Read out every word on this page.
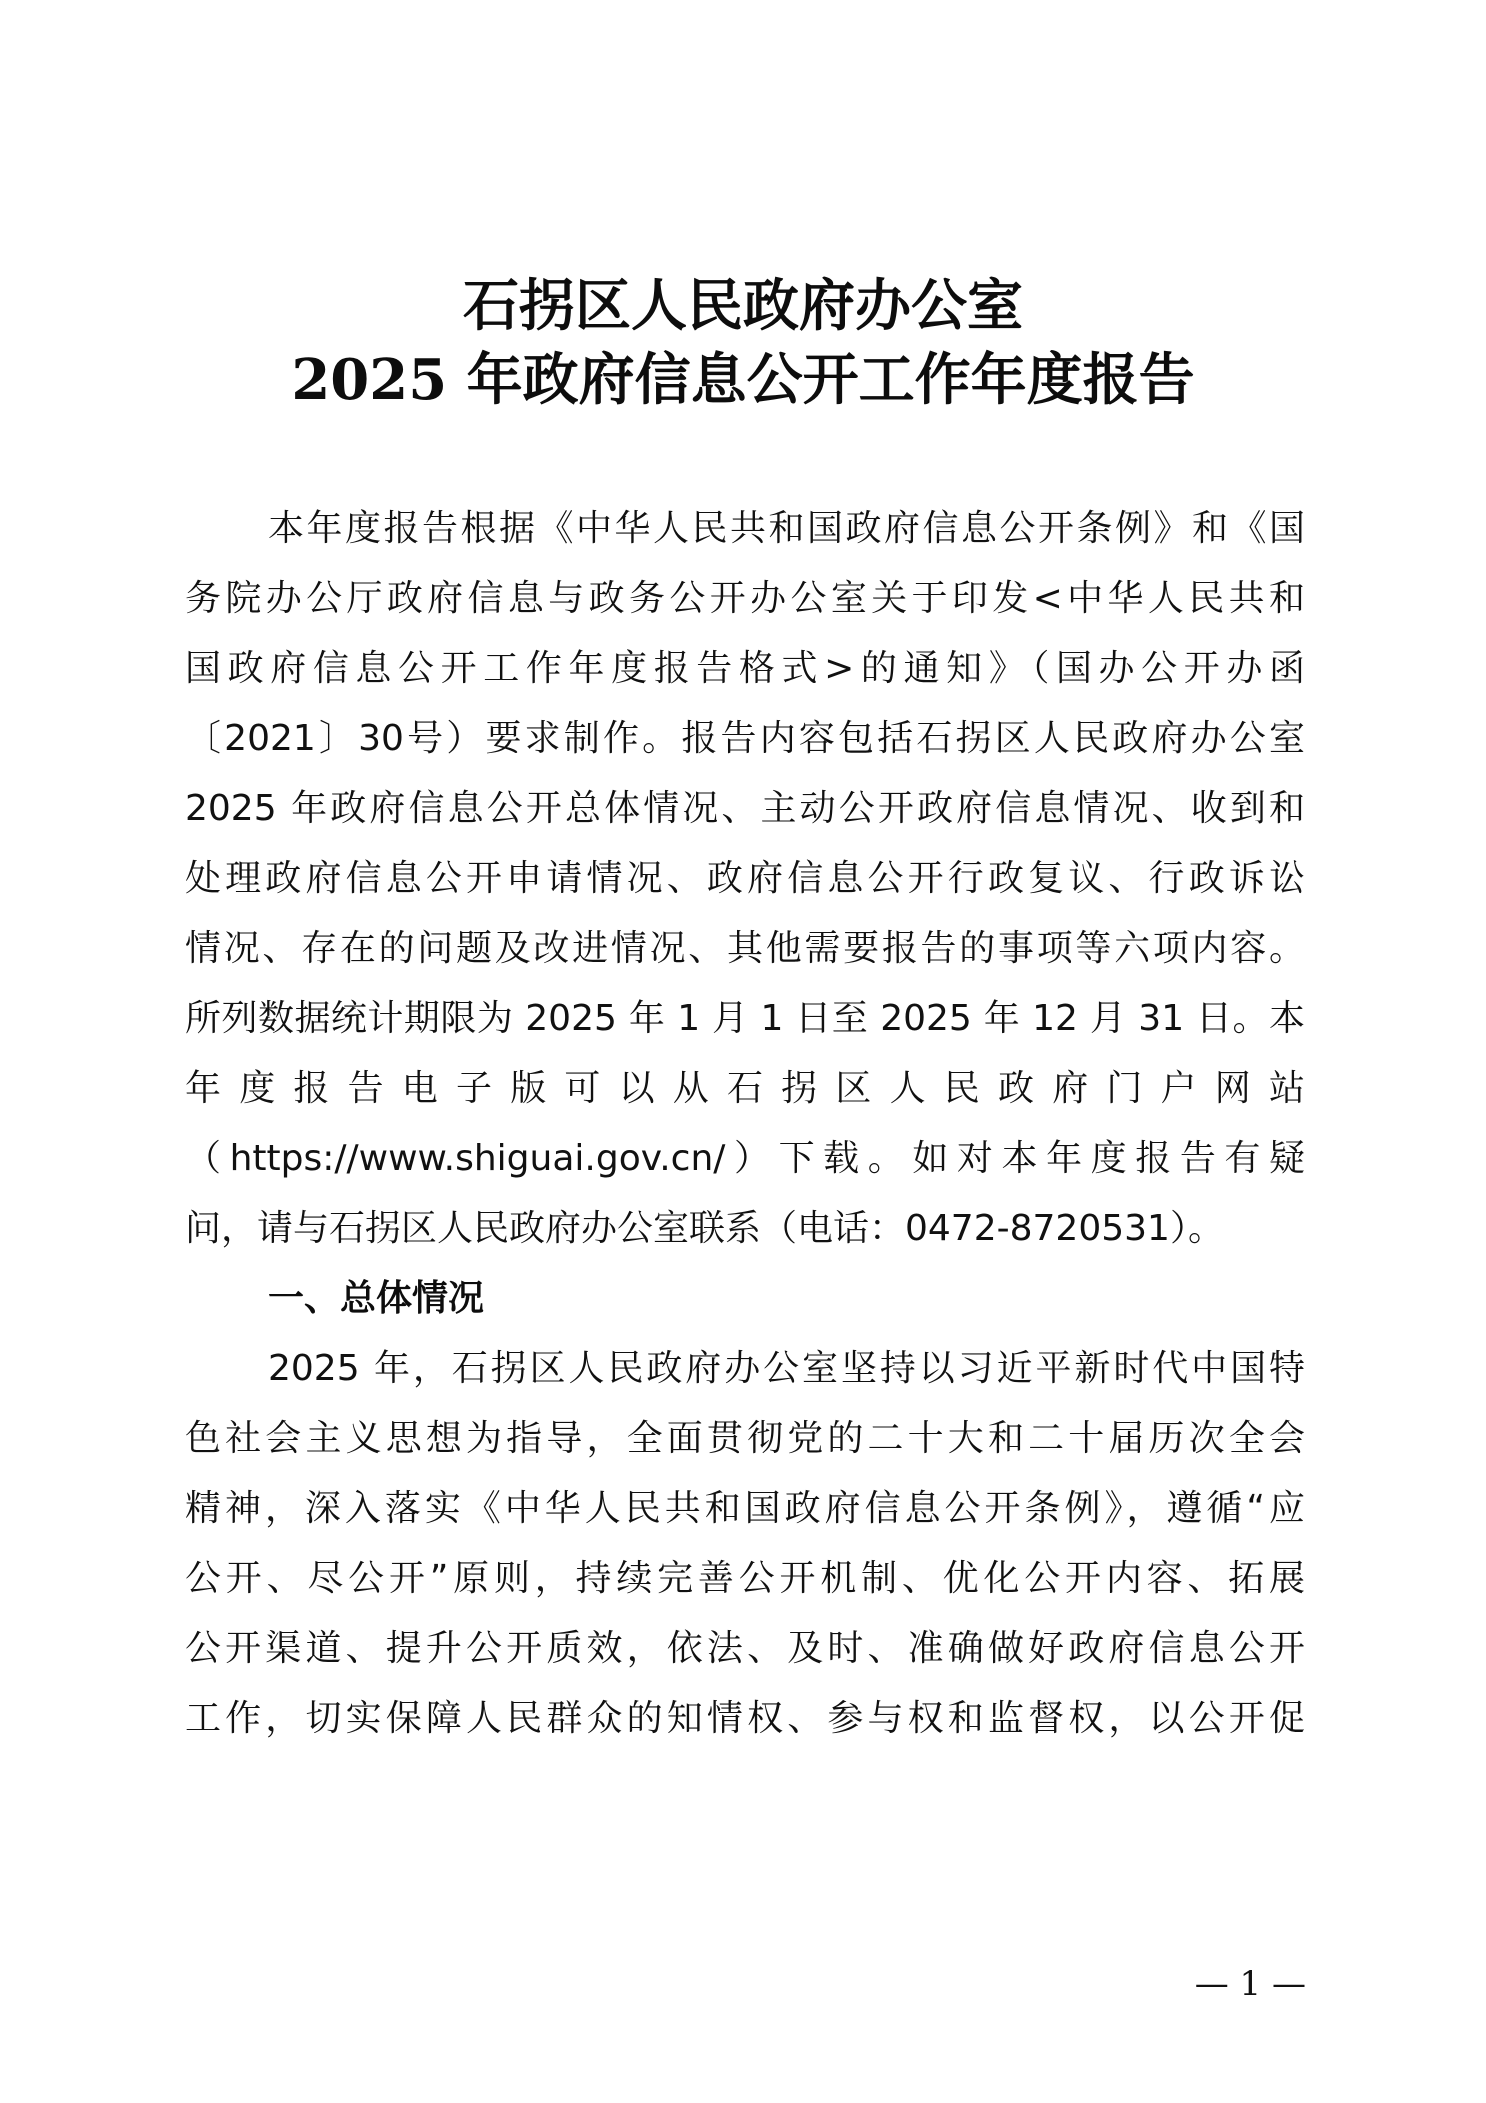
石拐区人民政府办公室
2025 年政府信息公开工作年度报告
本年度报告根据《中华人民共和国政府信息公开条例》和《国
务院办公厅政府信息与政务公开办公室关于印发<中华人民共和
国政府信息公开工作年度报告格式>的通知》（国办公开办函
〔2021〕30号）要求制作。报告内容包括石拐区人民政府办公室
2025 年政府信息公开总体情况、主动公开政府信息情况、收到和
处理政府信息公开申请情况、政府信息公开行政复议、行政诉讼
情况、存在的问题及改进情况、其他需要报告的事项等六项内容。
所列数据统计期限为 2025 年 1 月 1 日至 2025 年 12 月 31 日。本
年度报告电子版可以从石拐区人民政府门户网站
（https://www.shiguai.gov.cn/）下载。如对本年度报告有疑
问，请与石拐区人民政府办公室联系（电话：0472-8720531）。
一、总体情况
2025 年，石拐区人民政府办公室坚持以习近平新时代中国特
色社会主义思想为指导，全面贯彻党的二十大和二十届历次全会
精神，深入落实《中华人民共和国政府信息公开条例》，遵循“应
公开、尽公开”原则，持续完善公开机制、优化公开内容、拓展
公开渠道、提升公开质效，依法、及时、准确做好政府信息公开
工作，切实保障人民群众的知情权、参与权和监督权，以公开促
— 1 —
